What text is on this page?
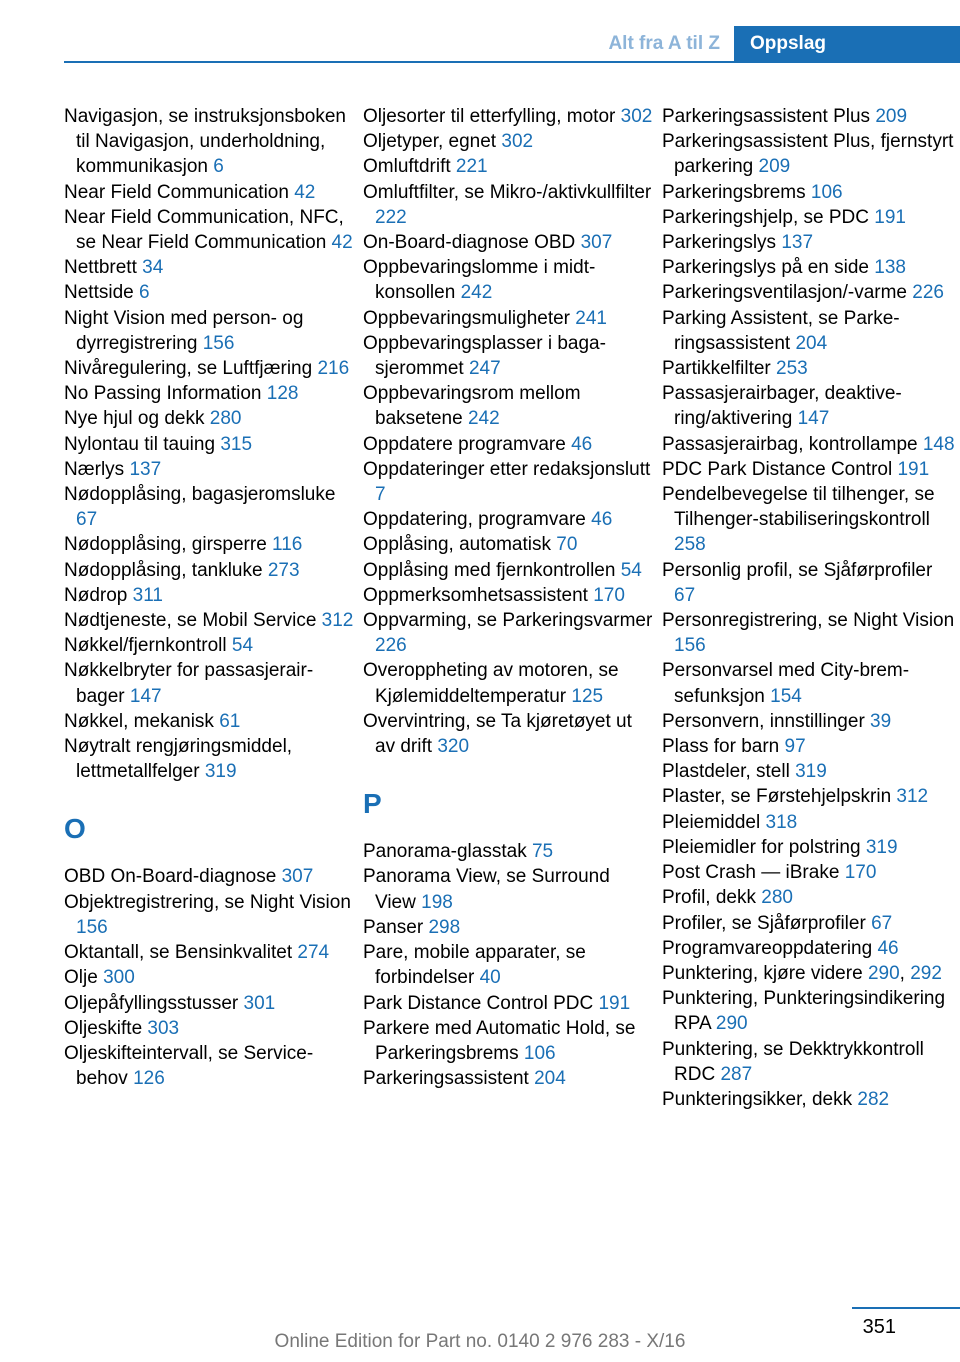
Alt fra A til Z	Oppslag
Navigasjon, se instruksjonsboken til Navigasjon, underholdning, kommunikasjon 6
Near Field Communication 42
Near Field Communication, NFC, se Near Field Communication 42
Nettbrett 34
Nettside 6
Night Vision med person- og dyrregistrering 156
Nivåregulering, se Luftfjæring 216
No Passing Information 128
Nye hjul og dekk 280
Nylontau til tauing 315
Nærlys 137
Nødopplåsing, bagasjeromsluke 67
Nødopplåsing, girsperre 116
Nødopplåsing, tankluke 273
Nødrop 311
Nødtjeneste, se Mobil Service 312
Nøkkel/fjernkontroll 54
Nøkkelbryter for passasjerairbager 147
Nøkkel, mekanisk 61
Nøytralt rengjøringsmiddel, lettmetallfelger 319
O
OBD On-Board-diagnose 307
Objektregistrering, se Night Vision 156
Oktantall, se Bensinkvalitet 274
Olje 300
Oljepåfyllingsstusser 301
Oljeskifte 303
Oljeskifteintervall, se Servicebehov 126
Oljesorter til etterfylling, motor 302
Oljetyper, egnet 302
Omluftdrift 221
Omluftfilter, se Mikro-/aktivkullfilter 222
On-Board-diagnose OBD 307
Oppbevaringslomme i midtkonsollen 242
Oppbevaringsmuligheter 241
Oppbevaringsplasser i bagasjerommet 247
Oppbevaringsrom mellom baksetene 242
Oppdatere programvare 46
Oppdateringer etter redaksjonslutt 7
Oppdatering, programvare 46
Opplåsing, automatisk 70
Opplåsing med fjernkontrollen 54
Oppmerksomhetsassistent 170
Oppvarming, se Parkeringsvarmer 226
Overoppheting av motoren, se Kjølemiddeltemperatur 125
Overvintring, se Ta kjøretøyet ut av drift 320
P
Panorama-glasstak 75
Panorama View, se Surround View 198
Panser 298
Pare, mobile apparater, se forbindelser 40
Park Distance Control PDC 191
Parkere med Automatic Hold, se Parkeringsbrems 106
Parkeringsassistent 204
Parkeringsassistent Plus 209
Parkeringsassistent Plus, fjernstyrt parkering 209
Parkeringsbrems 106
Parkeringshjelp, se PDC 191
Parkeringslys 137
Parkeringslys på en side 138
Parkeringsventilasjon/-varme 226
Parking Assistent, se Parkeringsassistent 204
Partikkelfilter 253
Passasjerairbager, deaktivering/aktivering 147
Passasjerairbag, kontrollampe 148
PDC Park Distance Control 191
Pendelbevegelse til tilhenger, se Tilhenger-stabiliseringskontroll 258
Personlig profil, se Sjåførprofiler 67
Personregistrering, se Night Vision 156
Personvarsel med City-bremsefunksjon 154
Personvern, innstillinger 39
Plass for barn 97
Plastdeler, stell 319
Plaster, se Førstehjelpskrin 312
Pleiemiddel 318
Pleiemidler for polstring 319
Post Crash — iBrake 170
Profil, dekk 280
Profiler, se Sjåførprofiler 67
Programvareoppdatering 46
Punktering, kjøre videre 290, 292
Punktering, Punkteringsindikering RPA 290
Punktering, se Dekktrykkontroll RDC 287
Punkteringsikker, dekk 282
351
Online Edition for Part no. 0140 2 976 283 - X/16
